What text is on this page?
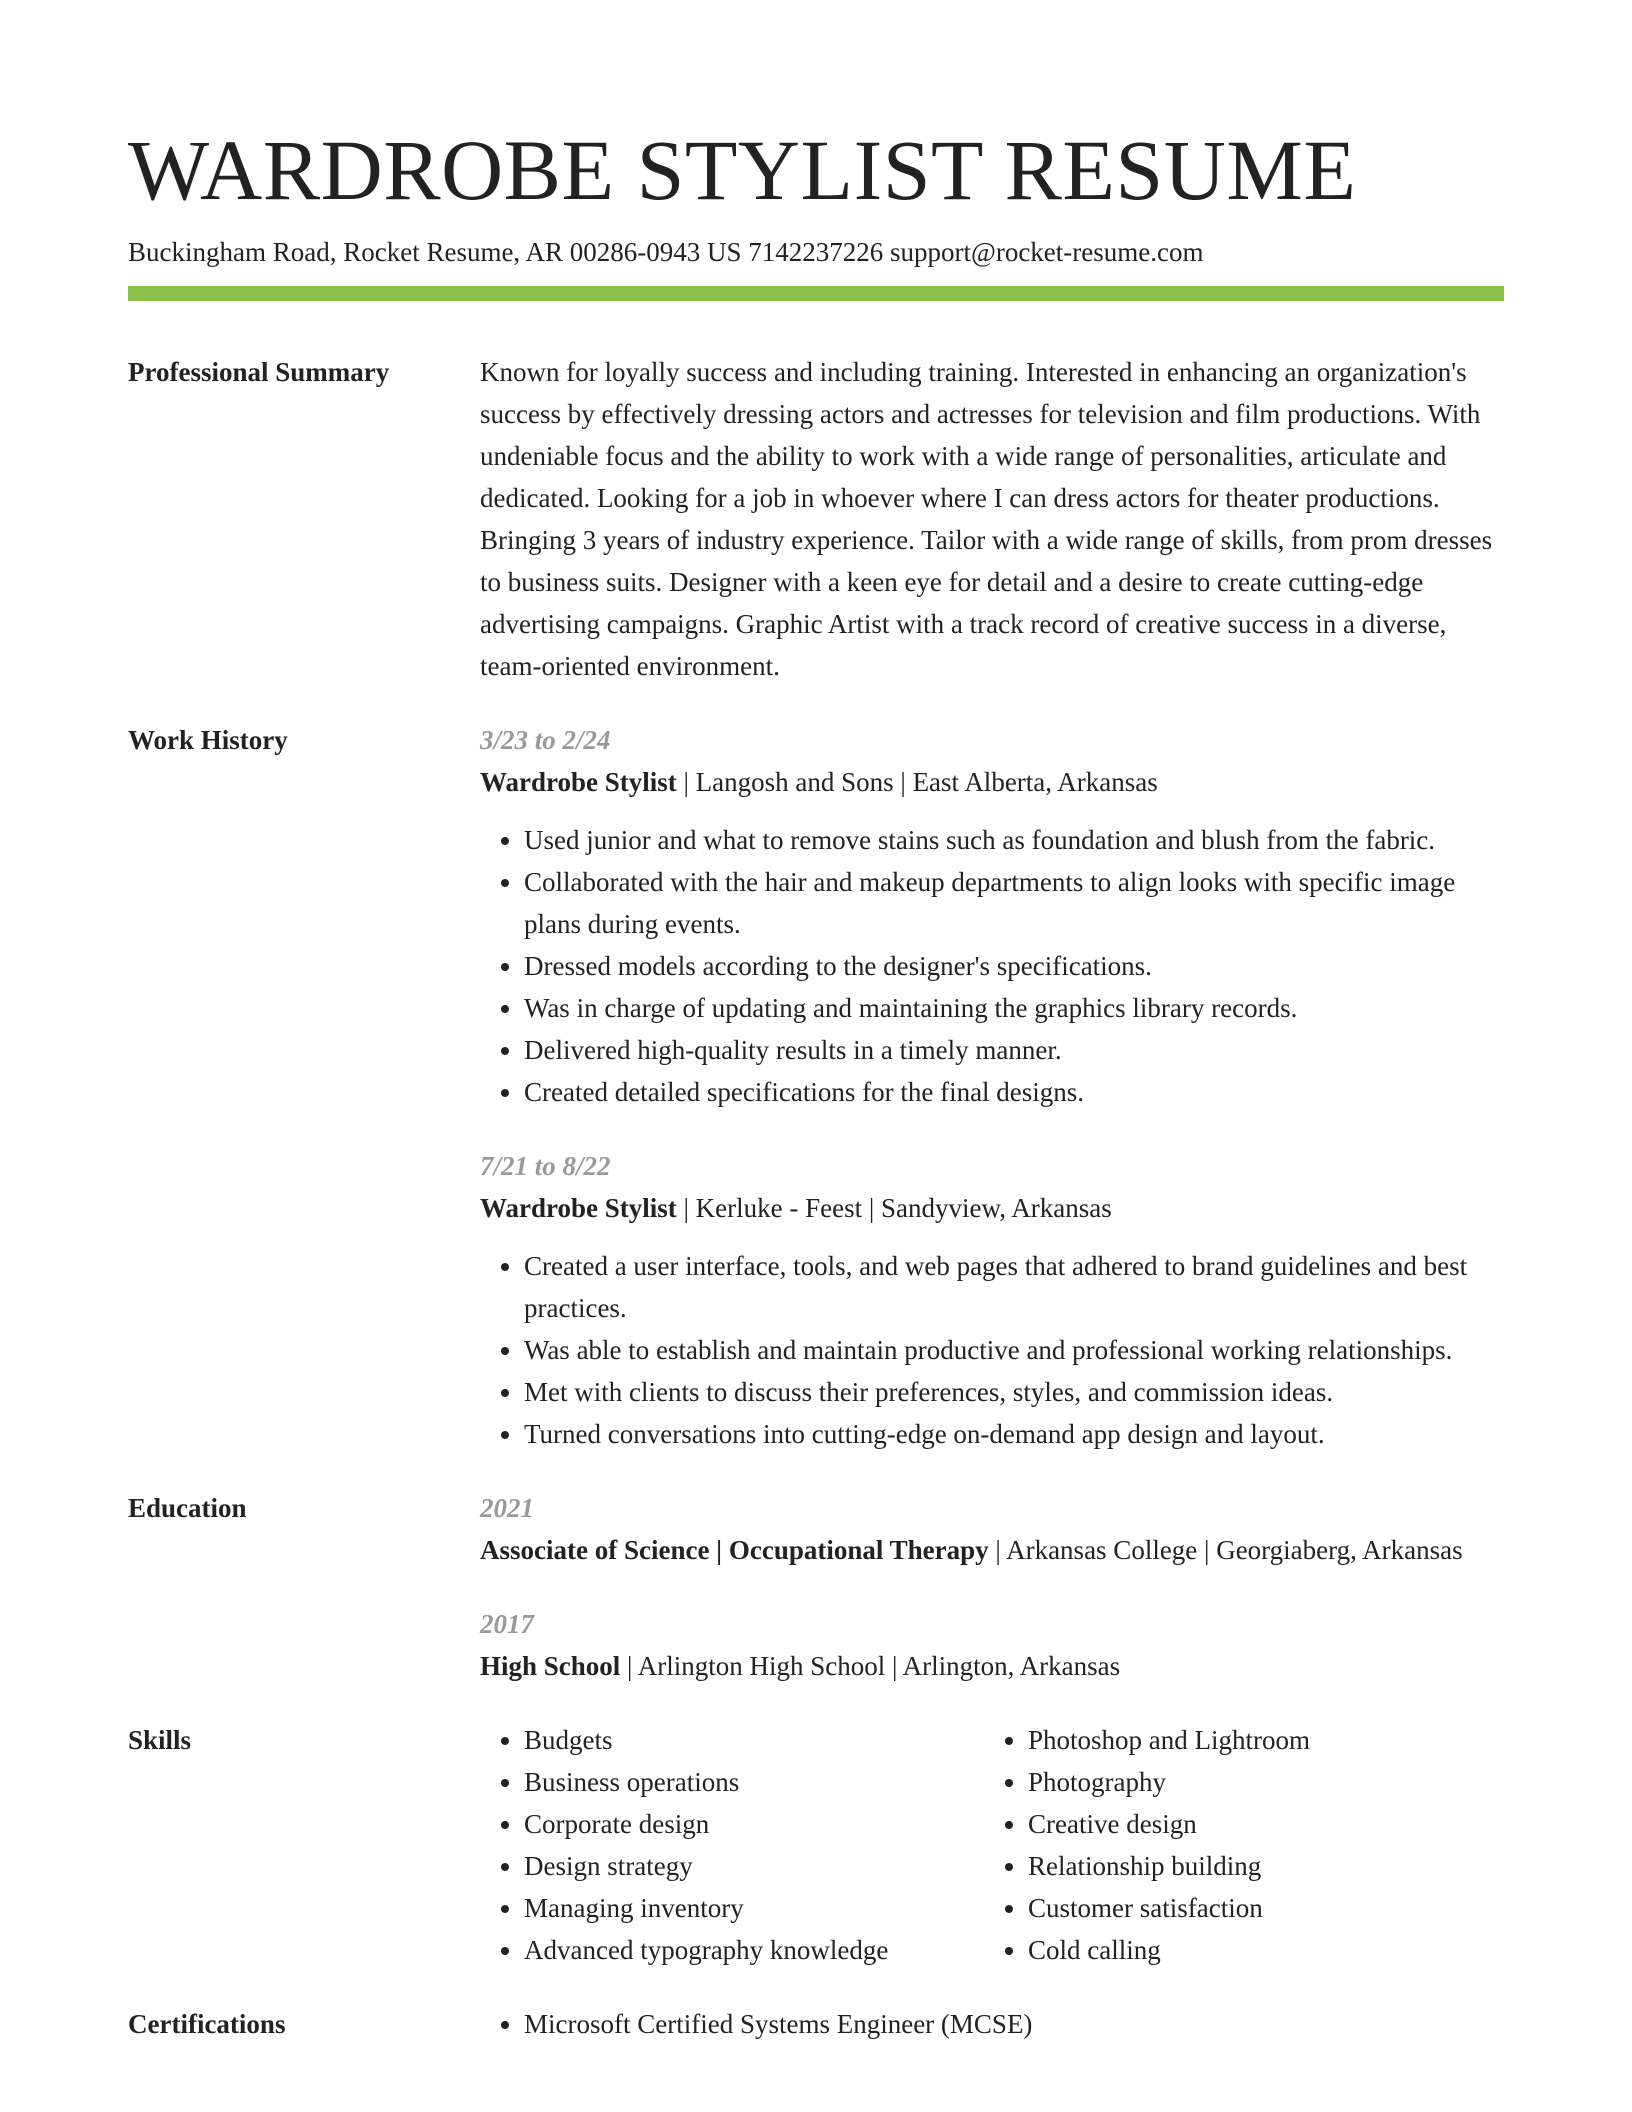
WARDROBE STYLIST RESUME
Buckingham Road, Rocket Resume, AR 00286-0943 US 7142237226 support@rocket-resume.com
Professional Summary	Known for loyally success and including training. Interested in enhancing an organization's success by effectively dressing actors and actresses for television and film productions. With undeniable focus and the ability to work with a wide range of personalities, articulate and dedicated. Looking for a job in whoever where I can dress actors for theater productions. Bringing 3 years of industry experience. Tailor with a wide range of skills, from prom dresses to business suits. Designer with a keen eye for detail and a desire to create cutting-edge advertising campaigns. Graphic Artist with a track record of creative success in a diverse, team-oriented environment.
Work History	3/23 to 2/24
Wardrobe Stylist | Langosh and Sons | East Alberta, Arkansas
• Used junior and what to remove stains such as foundation and blush from the fabric.
• Collaborated with the hair and makeup departments to align looks with specific image plans during events.
• Dressed models according to the designer's specifications.
• Was in charge of updating and maintaining the graphics library records.
• Delivered high-quality results in a timely manner.
• Created detailed specifications for the final designs.
7/21 to 8/22
Wardrobe Stylist | Kerluke - Feest | Sandyview, Arkansas
• Created a user interface, tools, and web pages that adhered to brand guidelines and best practices.
• Was able to establish and maintain productive and professional working relationships.
• Met with clients to discuss their preferences, styles, and commission ideas.
• Turned conversations into cutting-edge on-demand app design and layout.
Education	2021
Associate of Science | Occupational Therapy | Arkansas College | Georgiaberg, Arkansas
2017
High School | Arlington High School | Arlington, Arkansas
Skills	• Budgets
• Business operations
• Corporate design
• Design strategy
• Managing inventory
• Advanced typography knowledge
• Photoshop and Lightroom
• Photography
• Creative design
• Relationship building
• Customer satisfaction
• Cold calling
Certifications	• Microsoft Certified Systems Engineer (MCSE)
